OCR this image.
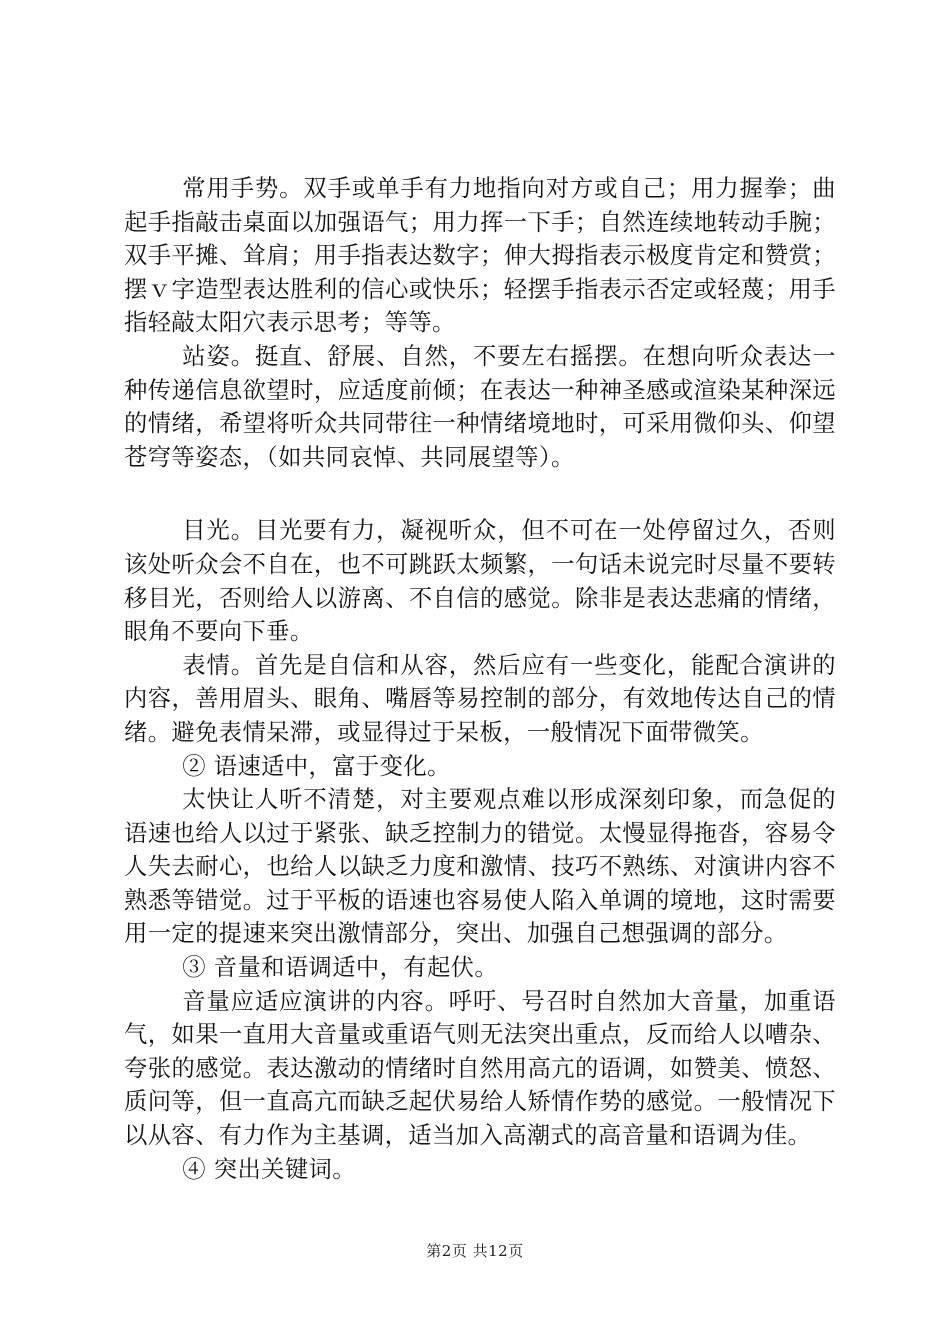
常用手势。双手或单手有力地指向对方或自己；用力握拳；曲起手指敲击桌面以加强语气；用力挥一下手；自然连续地转动手腕；双手平摊、耸肩；用手指表达数字；伸大拇指表示极度肯定和赞赏；摆ｖ字造型表达胜利的信心或快乐；轻摆手指表示否定或轻蔑；用手指轻敲太阳穴表示思考；等等。

站姿。挺直、舒展、自然，不要左右摇摆。在想向听众表达一种传递信息欲望时，应适度前倾；在表达一种神圣感或渲染某种深远的情绪，希望将听众共同带往一种情绪境地时，可采用微仰头、仰望苍穹等姿态，（如共同哀悼、共同展望等）。

目光。目光要有力，凝视听众，但不可在一处停留过久，否则该处听众会不自在，也不可跳跃太频繁，一句话未说完时尽量不要转移目光，否则给人以游离、不自信的感觉。除非是表达悲痛的情绪，眼角不要向下垂。

表情。首先是自信和从容，然后应有一些变化，能配合演讲的内容，善用眉头、眼角、嘴唇等易控制的部分，有效地传达自己的情绪。避免表情呆滞，或显得过于呆板，一般情况下面带微笑。

② 语速适中，富于变化。

太快让人听不清楚，对主要观点难以形成深刻印象，而急促的语速也给人以过于紧张、缺乏控制力的错觉。太慢显得拖沓，容易令人失去耐心，也给人以缺乏力度和激情、技巧不熟练、对演讲内容不熟悉等错觉。过于平板的语速也容易使人陷入单调的境地，这时需要用一定的提速来突出激情部分，突出、加强自己想强调的部分。

③ 音量和语调适中，有起伏。

音量应适应演讲的内容。呼吁、号召时自然加大音量，加重语气，如果一直用大音量或重语气则无法突出重点，反而给人以嘈杂、夸张的感觉。表达激动的情绪时自然用高亢的语调，如赞美、愤怒、质问等，但一直高亢而缺乏起伏易给人矫情作势的感觉。一般情况下以从容、有力作为主基调，适当加入高潮式的高音量和语调为佳。

④ 突出关键词。

第2页 共12页
